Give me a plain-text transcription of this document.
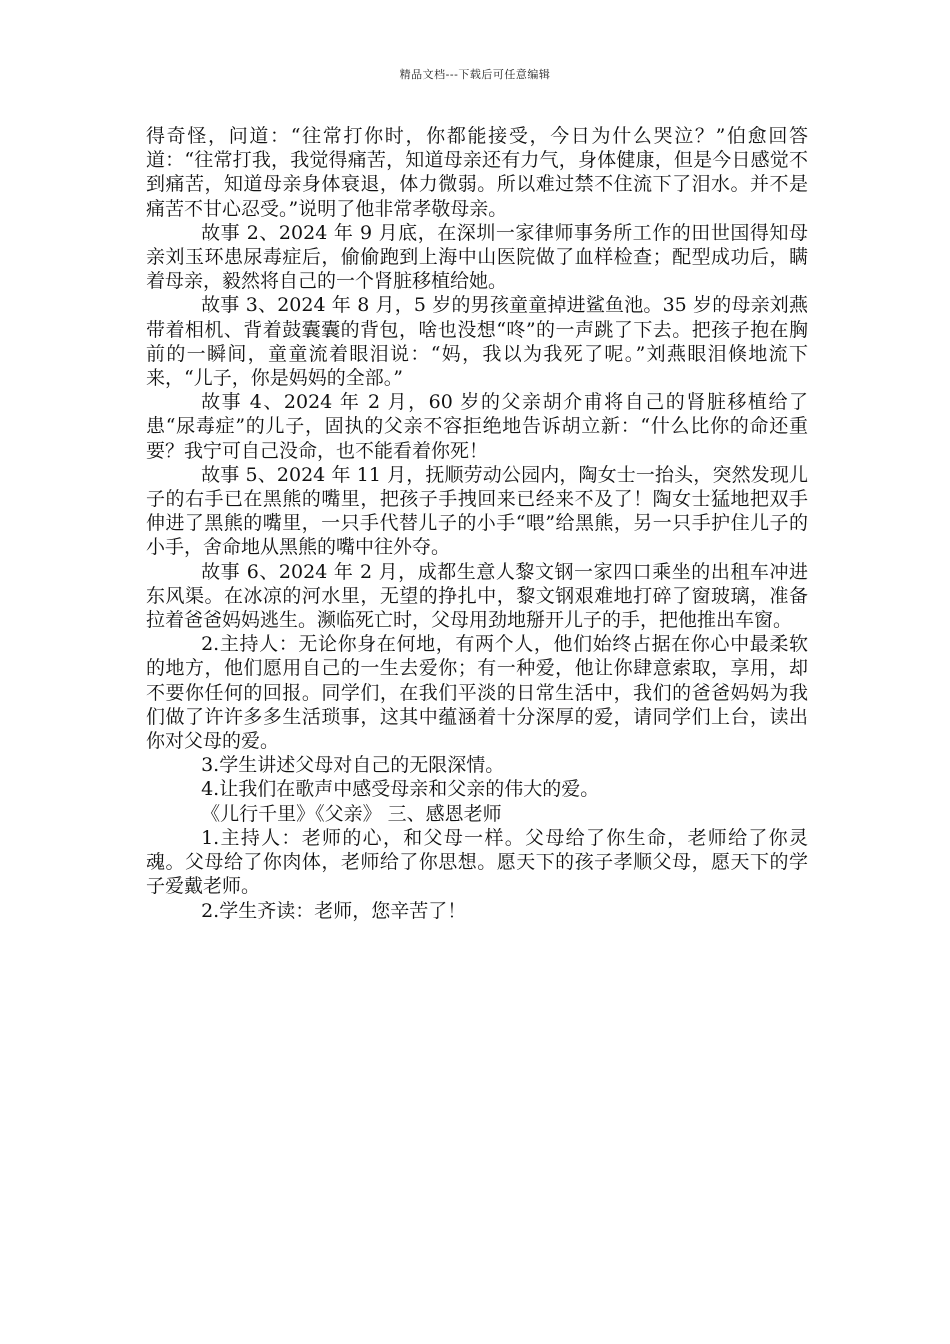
精品文档---下载后可任意编辑

得奇怪，问道：“往常打你时，你都能接受，今日为什么哭泣？”伯愈回答道：“往常打我，我觉得痛苦，知道母亲还有力气，身体健康，但是今日感觉不到痛苦，知道母亲身体衰退，体力微弱。所以难过禁不住流下了泪水。并不是痛苦不甘心忍受。”说明了他非常孝敬母亲。

故事 2、2024 年 9 月底，在深圳一家律师事务所工作的田世国得知母亲刘玉环患尿毒症后，偷偷跑到上海中山医院做了血样检查；配型成功后，瞒着母亲，毅然将自己的一个肾脏移植给她。

故事 3、2024 年 8 月，5 岁的男孩童童掉进鲨鱼池。35 岁的母亲刘燕带着相机、背着鼓囊囊的背包，啥也没想“咚”的一声跳了下去。把孩子抱在胸前的一瞬间，童童流着眼泪说：“妈，我以为我死了呢。”刘燕眼泪倏地流下来，“儿子，你是妈妈的全部。”

故事 4、2024 年 2 月，60 岁的父亲胡介甫将自己的肾脏移植给了患“尿毒症”的儿子，固执的父亲不容拒绝地告诉胡立新：“什么比你的命还重要？我宁可自己没命，也不能看着你死！

故事 5、2024 年 11 月，抚顺劳动公园内，陶女士一抬头，突然发现儿子的右手已在黑熊的嘴里，把孩子手拽回来已经来不及了！陶女士猛地把双手伸进了黑熊的嘴里，一只手代替儿子的小手“喂”给黑熊，另一只手护住儿子的小手，舍命地从黑熊的嘴中往外夺。

故事 6、2024 年 2 月，成都生意人黎文钢一家四口乘坐的出租车冲进东风渠。在冰凉的河水里，无望的挣扎中，黎文钢艰难地打碎了窗玻璃，准备拉着爸爸妈妈逃生。濒临死亡时，父母用劲地掰开儿子的手，把他推出车窗。

2.主持人：无论你身在何地，有两个人，他们始终占据在你心中最柔软的地方，他们愿用自己的一生去爱你；有一种爱，他让你肆意索取，享用，却不要你任何的回报。同学们，在我们平淡的日常生活中，我们的爸爸妈妈为我们做了许许多多生活琐事，这其中蕴涵着十分深厚的爱，请同学们上台，读出你对父母的爱。

3.学生讲述父母对自己的无限深情。

4.让我们在歌声中感受母亲和父亲的伟大的爱。

《儿行千里》《父亲》 三、感恩老师

1.主持人：老师的心，和父母一样。父母给了你生命，老师给了你灵魂。父母给了你肉体，老师给了你思想。愿天下的孩子孝顺父母，愿天下的学子爱戴老师。

2.学生齐读：老师，您辛苦了！
